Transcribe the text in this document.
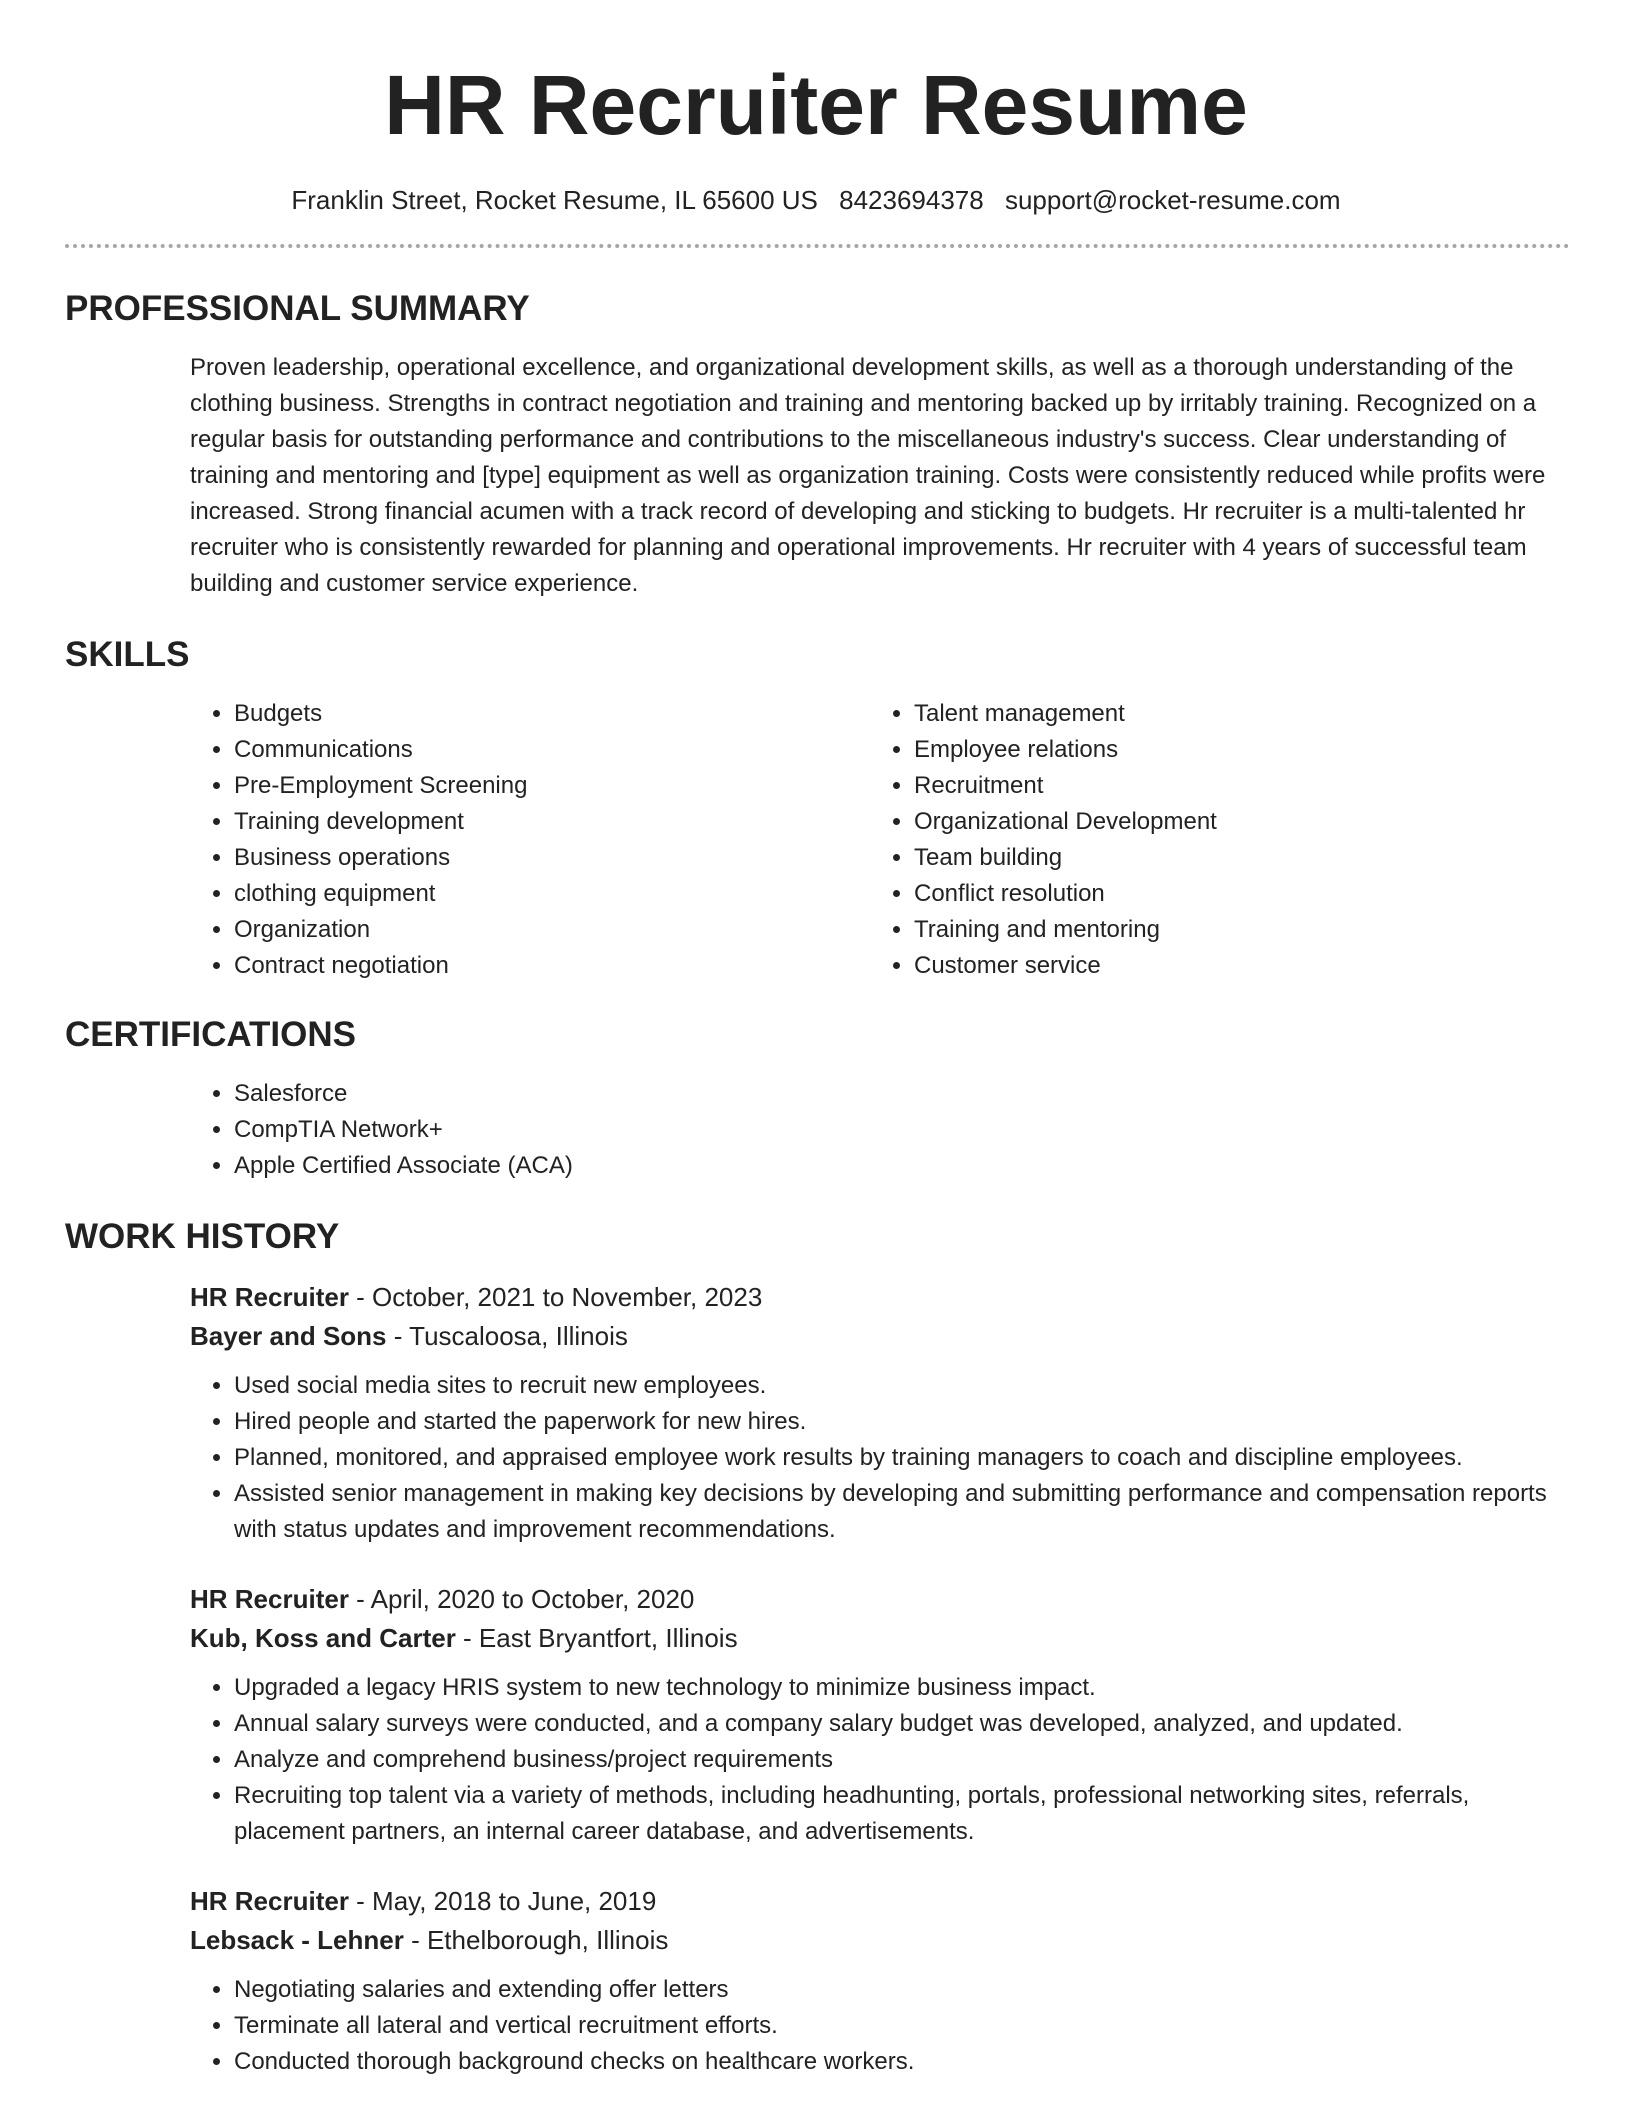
HR Recruiter Resume
Franklin Street, Rocket Resume, IL 65600 US 8423694378 support@rocket-resume.com
PROFESSIONAL SUMMARY

Proven leadership, operational excellence, and organizational development skills, as well as a thorough understanding of the clothing business. Strengths in contract negotiation and training and mentoring backed up by irritably training. Recognized on a regular basis for outstanding performance and contributions to the miscellaneous industry's success. Clear understanding of training and mentoring and [type] equipment as well as organization training. Costs were consistently reduced while profits were increased. Strong financial acumen with a track record of developing and sticking to budgets. Hr recruiter is a multi-talented hr recruiter who is consistently rewarded for planning and operational improvements. Hr recruiter with 4 years of successful team building and customer service experience.

SKILLS
• Budgets
• Communications
• Pre-Employment Screening
• Training development
• Business operations
• clothing equipment
• Organization
• Contract negotiation
• Talent management
• Employee relations
• Recruitment
• Organizational Development
• Team building
• Conflict resolution
• Training and mentoring
• Customer service
CERTIFICATIONS
• Salesforce
• CompTIA Network+
• Apple Certified Associate (ACA)
WORK HISTORY
HR Recruiter - October, 2021 to November, 2023
Bayer and Sons - Tuscaloosa, Illinois
• Used social media sites to recruit new employees.
• Hired people and started the paperwork for new hires.
• Planned, monitored, and appraised employee work results by training managers to coach and discipline employees.
• Assisted senior management in making key decisions by developing and submitting performance and compensation reports with status updates and improvement recommendations.
HR Recruiter - April, 2020 to October, 2020
Kub, Koss and Carter - East Bryantfort, Illinois
• Upgraded a legacy HRIS system to new technology to minimize business impact.
• Annual salary surveys were conducted, and a company salary budget was developed, analyzed, and updated.
• Analyze and comprehend business/project requirements
• Recruiting top talent via a variety of methods, including headhunting, portals, professional networking sites, referrals, placement partners, an internal career database, and advertisements.
HR Recruiter - May, 2018 to June, 2019
Lebsack - Lehner - Ethelborough, Illinois
• Negotiating salaries and extending offer letters
• Terminate all lateral and vertical recruitment efforts.
• Conducted thorough background checks on healthcare workers.
